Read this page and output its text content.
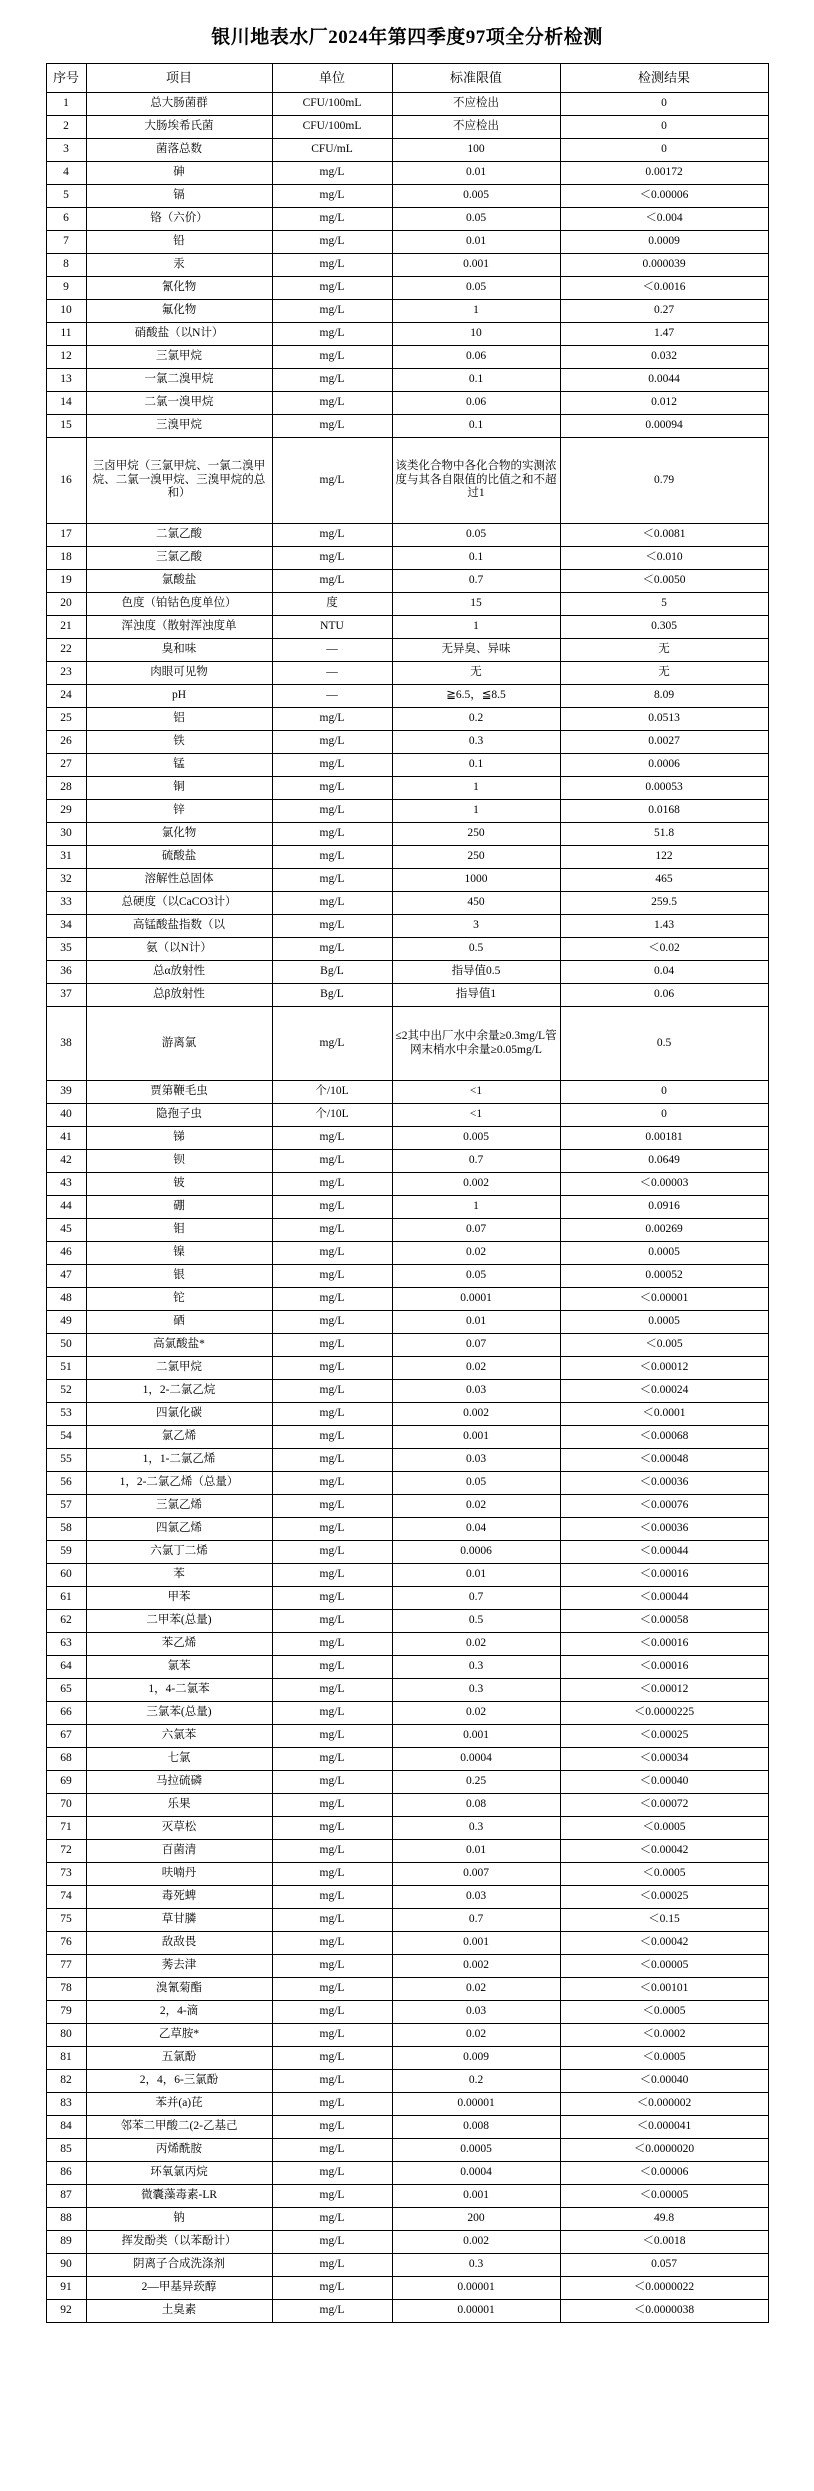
银川地表水厂2024年第四季度97项全分析检测
序号	项目	单位	标准限值	检测结果
1	总大肠菌群	CFU/100mL	不应检出	0
2	大肠埃希氏菌	CFU/100mL	不应检出	0
3	菌落总数	CFU/mL	100	0
4	砷	mg/L	0.01	0.00172
5	镉	mg/L	0.005	＜0.00006
6	铬（六价）	mg/L	0.05	＜0.004
7	铅	mg/L	0.01	0.0009
8	汞	mg/L	0.001	0.000039
9	氰化物	mg/L	0.05	＜0.0016
10	氟化物	mg/L	1	0.27
11	硝酸盐（以N计）	mg/L	10	1.47
12	三氯甲烷	mg/L	0.06	0.032
13	一氯二溴甲烷	mg/L	0.1	0.0044
14	二氯一溴甲烷	mg/L	0.06	0.012
15	三溴甲烷	mg/L	0.1	0.00094
16	三卤甲烷（三氯甲烷、一氯二溴甲烷、二氯一溴甲烷、三溴甲烷的总和）	mg/L	该类化合物中各化合物的实测浓度与其各自限值的比值之和不超过1	0.79
17	二氯乙酸	mg/L	0.05	＜0.0081
18	三氯乙酸	mg/L	0.1	＜0.010
19	氯酸盐	mg/L	0.7	＜0.0050
20	色度（铂钴色度单位）	度	15	5
21	浑浊度（散射浑浊度单	NTU	1	0.305
22	臭和味	—	无异臭、异味	无
23	肉眼可见物	—	无	无
24	pH	—	≧6.5，≦8.5	8.09
25	铝	mg/L	0.2	0.0513
26	铁	mg/L	0.3	0.0027
27	锰	mg/L	0.1	0.0006
28	铜	mg/L	1	0.00053
29	锌	mg/L	1	0.0168
30	氯化物	mg/L	250	51.8
31	硫酸盐	mg/L	250	122
32	溶解性总固体	mg/L	1000	465
33	总硬度（以CaCO3计）	mg/L	450	259.5
34	高锰酸盐指数（以	mg/L	3	1.43
35	氨（以N计）	mg/L	0.5	＜0.02
36	总α放射性	Bg/L	指导值0.5	0.04
37	总β放射性	Bg/L	指导值1	0.06
38	游离氯	mg/L	≤2其中出厂水中余量≥0.3mg/L管网末梢水中余量≥0.05mg/L	0.5
39	贾第鞭毛虫	个/10L	<1	0
40	隐孢子虫	个/10L	<1	0
41	锑	mg/L	0.005	0.00181
42	钡	mg/L	0.7	0.0649
43	铍	mg/L	0.002	＜0.00003
44	硼	mg/L	1	0.0916
45	钼	mg/L	0.07	0.00269
46	镍	mg/L	0.02	0.0005
47	银	mg/L	0.05	0.00052
48	铊	mg/L	0.0001	＜0.00001
49	硒	mg/L	0.01	0.0005
50	高氯酸盐*	mg/L	0.07	＜0.005
51	二氯甲烷	mg/L	0.02	＜0.00012
52	1，2-二氯乙烷	mg/L	0.03	＜0.00024
53	四氯化碳	mg/L	0.002	＜0.0001
54	氯乙烯	mg/L	0.001	＜0.00068
55	1，1-二氯乙烯	mg/L	0.03	＜0.00048
56	1，2-二氯乙烯（总量）	mg/L	0.05	＜0.00036
57	三氯乙烯	mg/L	0.02	＜0.00076
58	四氯乙烯	mg/L	0.04	＜0.00036
59	六氯丁二烯	mg/L	0.0006	＜0.00044
60	苯	mg/L	0.01	＜0.00016
61	甲苯	mg/L	0.7	＜0.00044
62	二甲苯(总量)	mg/L	0.5	＜0.00058
63	苯乙烯	mg/L	0.02	＜0.00016
64	氯苯	mg/L	0.3	＜0.00016
65	1，4-二氯苯	mg/L	0.3	＜0.00012
66	三氯苯(总量)	mg/L	0.02	＜0.0000225
67	六氯苯	mg/L	0.001	＜0.00025
68	七氯	mg/L	0.0004	＜0.00034
69	马拉硫磷	mg/L	0.25	＜0.00040
70	乐果	mg/L	0.08	＜0.00072
71	灭草松	mg/L	0.3	＜0.0005
72	百菌清	mg/L	0.01	＜0.00042
73	呋喃丹	mg/L	0.007	＜0.0005
74	毒死蜱	mg/L	0.03	＜0.00025
75	草甘膦	mg/L	0.7	＜0.15
76	敌敌畏	mg/L	0.001	＜0.00042
77	莠去津	mg/L	0.002	＜0.00005
78	溴氰菊酯	mg/L	0.02	＜0.00101
79	2，4-滴	mg/L	0.03	＜0.0005
80	乙草胺*	mg/L	0.02	＜0.0002
81	五氯酚	mg/L	0.009	＜0.0005
82	2，4，6-三氯酚	mg/L	0.2	＜0.00040
83	苯并(a)芘	mg/L	0.00001	＜0.000002
84	邻苯二甲酸二(2-乙基己	mg/L	0.008	＜0.000041
85	丙烯酰胺	mg/L	0.0005	＜0.0000020
86	环氧氯丙烷	mg/L	0.0004	＜0.00006
87	微囊藻毒素-LR	mg/L	0.001	＜0.00005
88	钠	mg/L	200	49.8
89	挥发酚类（以苯酚计）	mg/L	0.002	＜0.0018
90	阴离子合成洗涤剂	mg/L	0.3	0.057
91	2—甲基异莰醇	mg/L	0.00001	＜0.0000022
92	土臭素	mg/L	0.00001	＜0.0000038
